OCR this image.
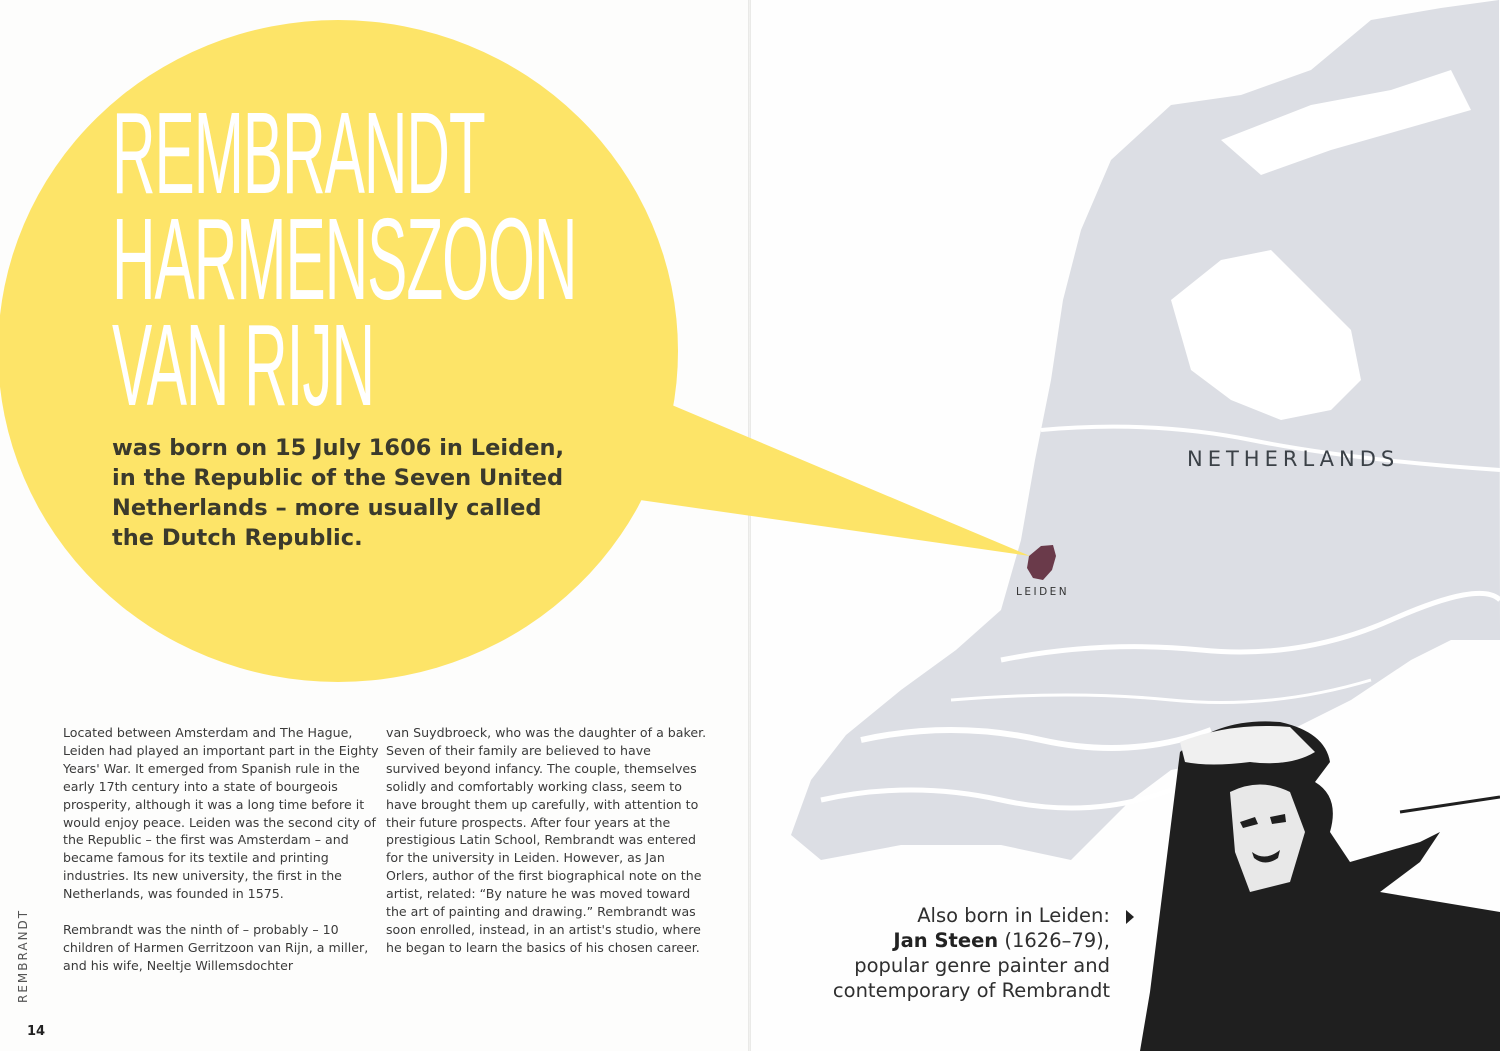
REMBRANDT
HARMENSZOON
VAN RIJN

was born on 15 July 1606 in Leiden, in the Republic of the Seven United Netherlands – more usually called the Dutch Republic.

NETHERLANDS
LEIDEN

Located between Amsterdam and The Hague, Leiden had played an important part in the Eighty Years' War. It emerged from Spanish rule in the early 17th century into a state of bourgeois prosperity, although it was a long time before it would enjoy peace. Leiden was the second city of the Republic – the first was Amsterdam – and became famous for its textile and printing industries. Its new university, the first in the Netherlands, was founded in 1575.

Rembrandt was the ninth of – probably – 10 children of Harmen Gerritzoon van Rijn, a miller, and his wife, Neeltje Willemsdochter

van Suydbroeck, who was the daughter of a baker. Seven of their family are believed to have survived beyond infancy. The couple, themselves solidly and comfortably working class, seem to have brought them up carefully, with attention to their future prospects. After four years at the prestigious Latin School, Rembrandt was entered for the university in Leiden. However, as Jan Orlers, author of the first biographical note on the artist, related: “By nature he was moved toward the art of painting and drawing.” Rembrandt was soon enrolled, instead, in an artist's studio, where he began to learn the basics of his chosen career.

REMBRANDT
14
Also born in Leiden:
Jan Steen (1626–79),
popular genre painter and
contemporary of Rembrandt
